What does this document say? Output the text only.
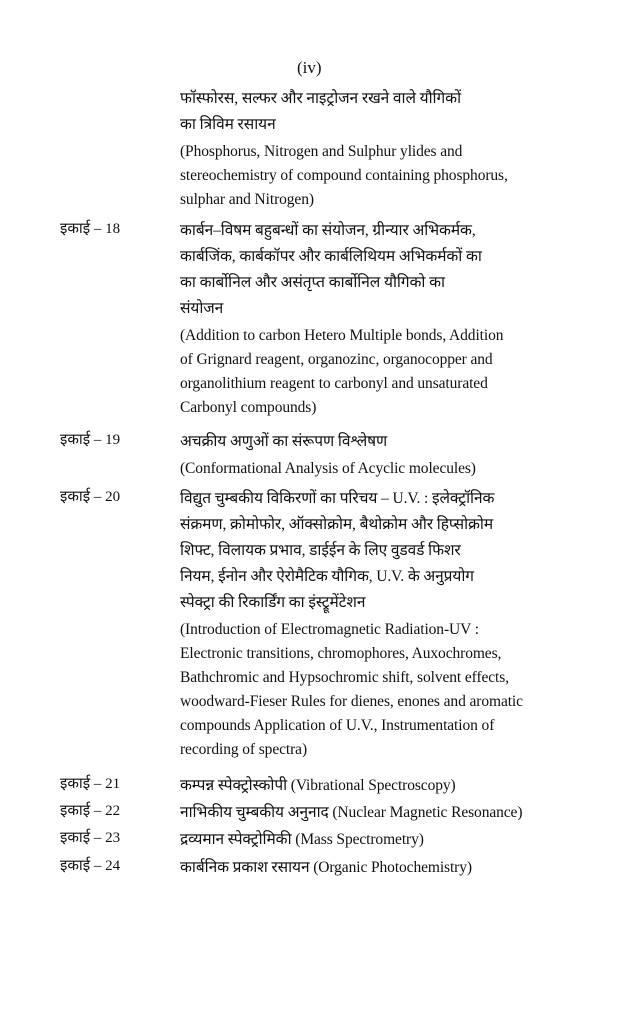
(iv)
फॉस्फोरस, सल्फर और नाइट्रोजन रखने वाले यौगिकों
का त्रिविम रसायन
(Phosphorus, Nitrogen and Sulphur ylides and
stereochemistry of compound containing phosphorus,
sulphar and Nitrogen)
इकाई – 18	कार्बन–विषम बहुबन्धों का संयोजन, ग्रीन्यार अभिकर्मक,
कार्बजिंक, कार्बकॉपर और कार्बलिथियम अभिकर्मकों का
का कार्बोनिल और असंतृप्त कार्बोनिल यौगिको का
संयोजन
(Addition to carbon Hetero Multiple bonds, Addition
of Grignard reagent, organozinc, organocopper and
organolithium reagent to carbonyl and unsaturated
Carbonyl compounds)
इकाई – 19	अचक्रीय अणुओं का संरूपण विश्लेषण
(Conformational Analysis of Acyclic molecules)
इकाई – 20	विद्युत चुम्बकीय विकिरणों का परिचय – U.V. : इलेक्ट्रॉनिक
संक्रमण, क्रोमोफोर, ऑक्सोक्रोम, बैथोक्रोम और हिप्सोक्रोम
शिफ्ट, विलायक प्रभाव, डाईईन के लिए वुडवर्ड फिशर
नियम, ईनोन और ऐरोमैटिक यौगिक, U.V. के अनुप्रयोग
स्पेक्ट्रा की रिकार्डिंग का इंस्ट्रूमेंटेशन
(Introduction of Electromagnetic Radiation-UV :
Electronic transitions, chromophores, Auxochromes,
Bathchromic and Hypsochromic shift, solvent effects,
woodward-Fieser Rules for dienes, enones and aromatic
compounds Application of U.V., Instrumentation of
recording of spectra)
इकाई – 21	कम्पन्न स्पेक्ट्रोस्कोपी (Vibrational Spectroscopy)
इकाई – 22	नाभिकीय चुम्बकीय अनुनाद (Nuclear Magnetic Resonance)
इकाई – 23	द्रव्यमान स्पेक्ट्रोमिकी (Mass Spectrometry)
इकाई – 24	कार्बनिक प्रकाश रसायन (Organic Photochemistry)
